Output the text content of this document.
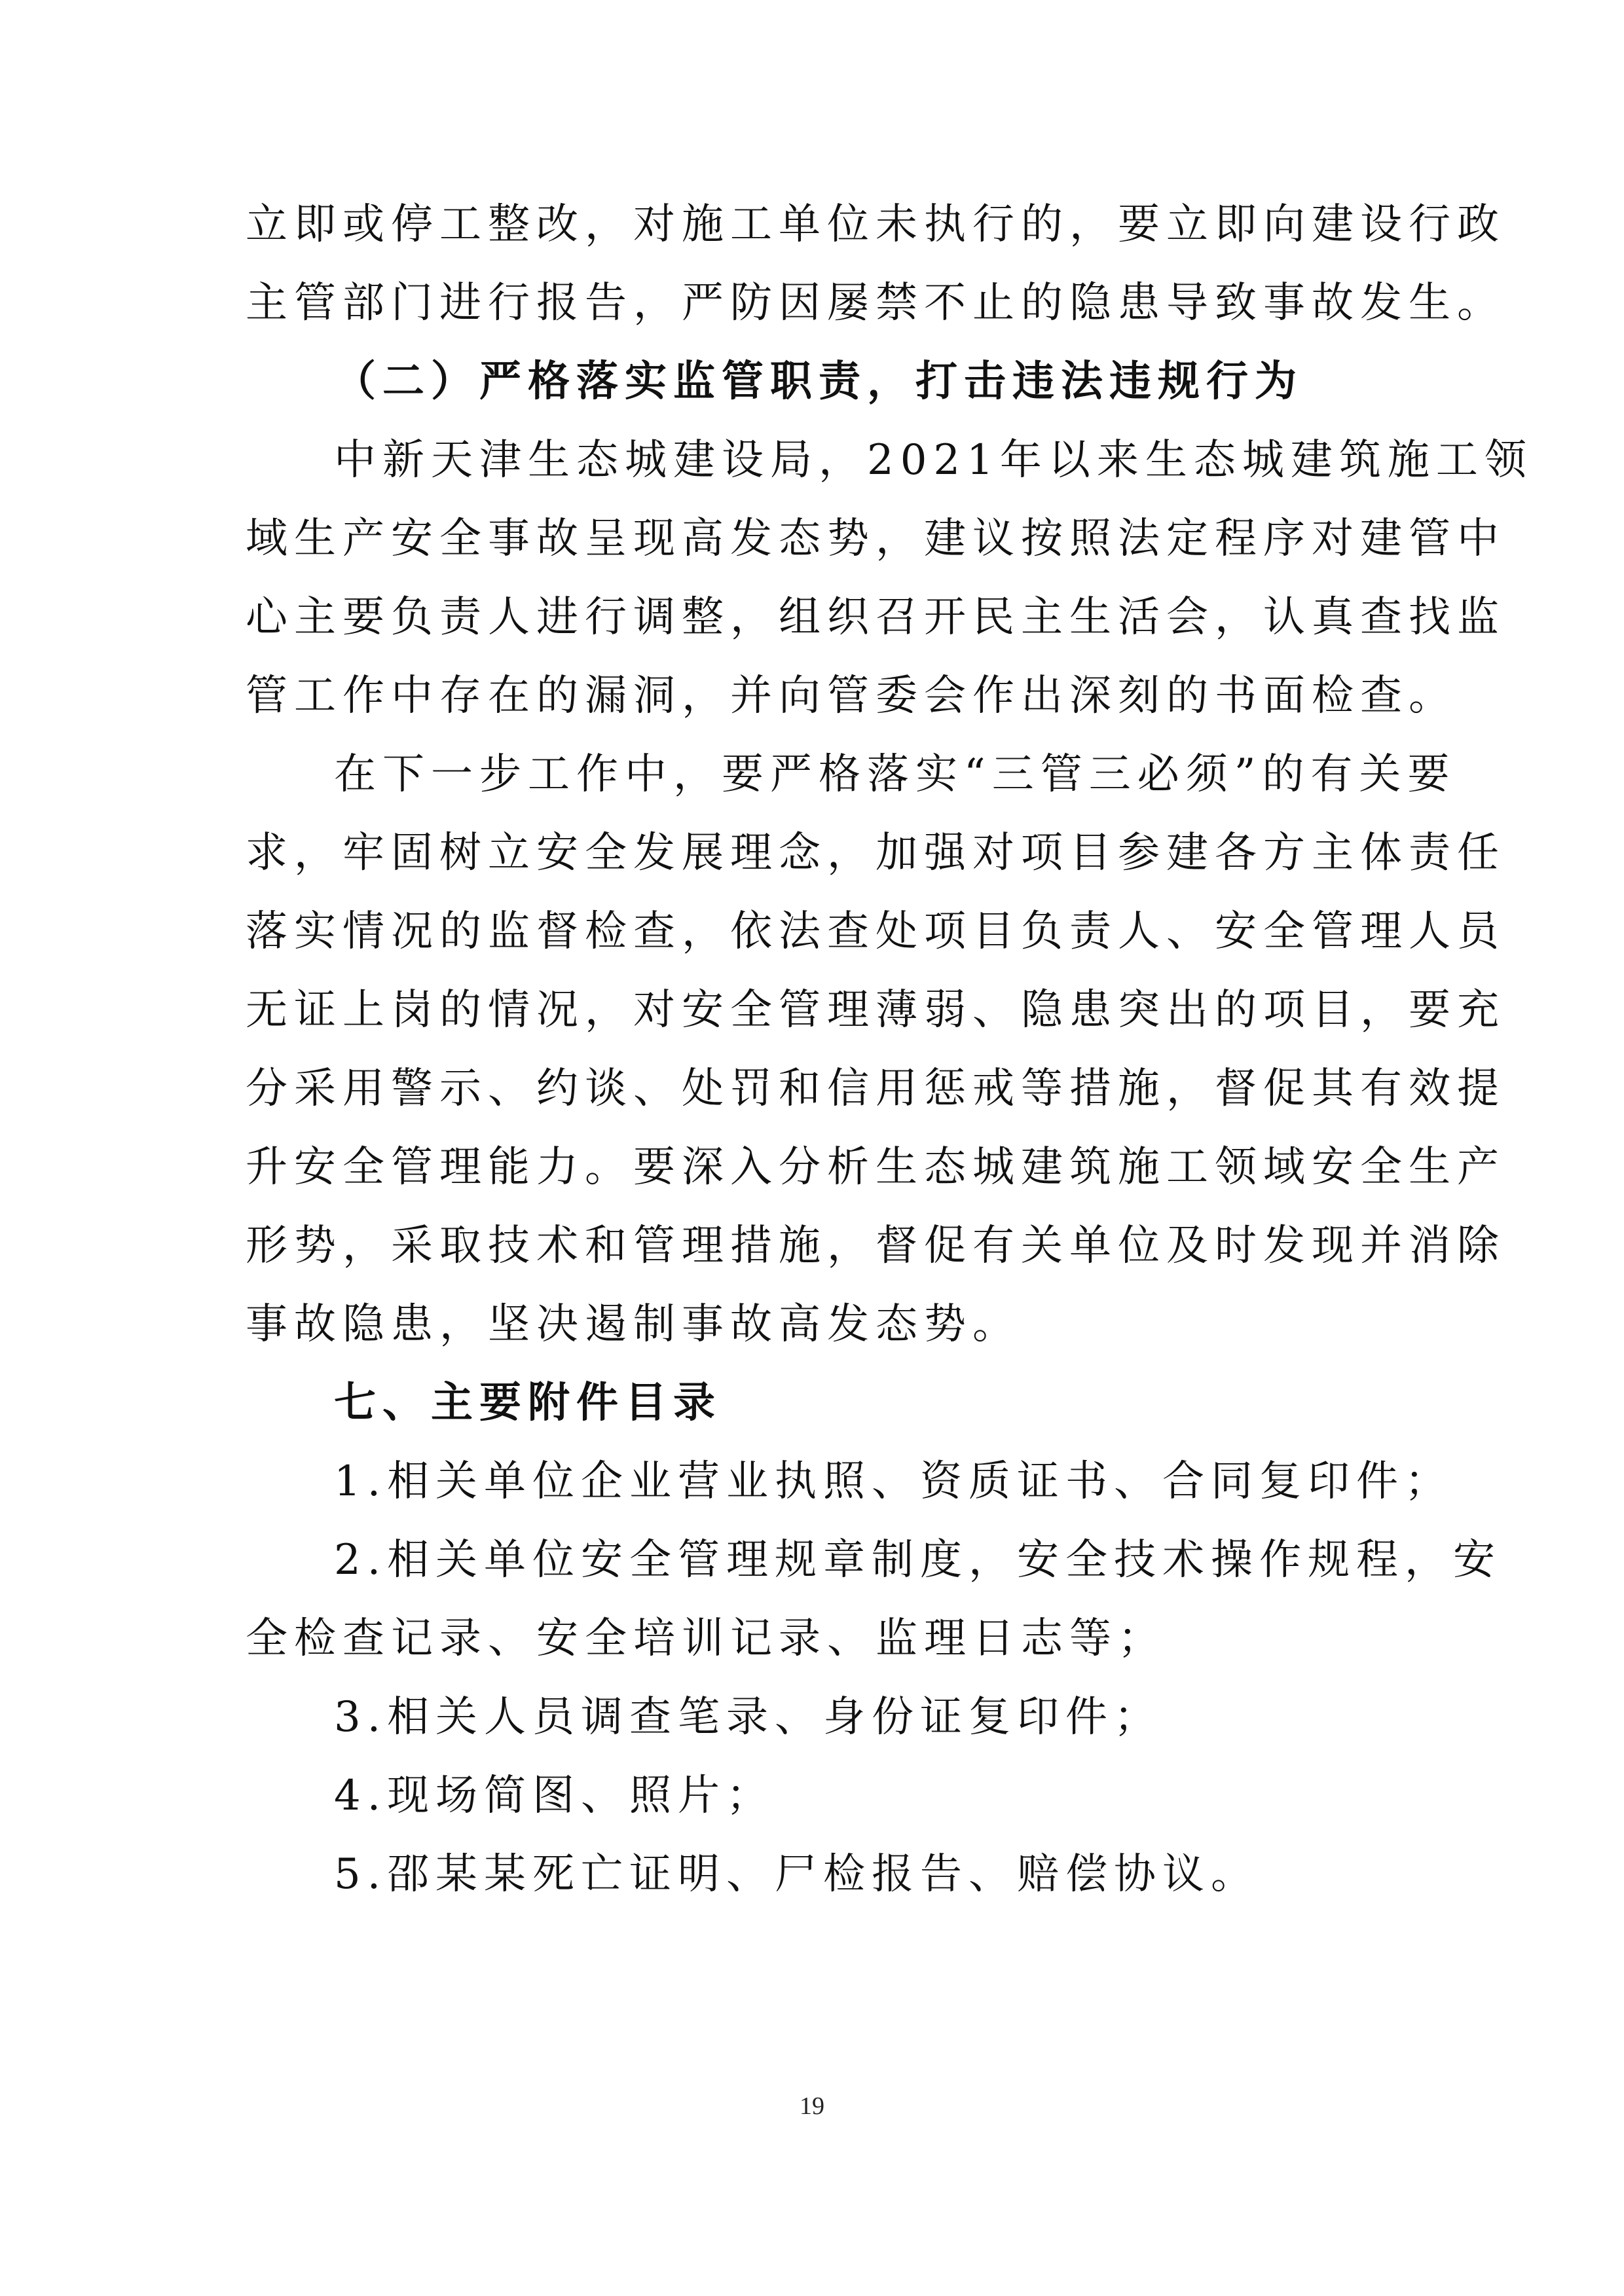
立即或停工整改，对施工单位未执行的，要立即向建设行政
主管部门进行报告，严防因屡禁不止的隐患导致事故发生。
（二）严格落实监管职责，打击违法违规行为
中新天津生态城建设局，2021年以来生态城建筑施工领
域生产安全事故呈现高发态势，建议按照法定程序对建管中
心主要负责人进行调整，组织召开民主生活会，认真查找监
管工作中存在的漏洞，并向管委会作出深刻的书面检查。
在下一步工作中，要严格落实“三管三必须”的有关要
求，牢固树立安全发展理念，加强对项目参建各方主体责任
落实情况的监督检查，依法查处项目负责人、安全管理人员
无证上岗的情况，对安全管理薄弱、隐患突出的项目，要充
分采用警示、约谈、处罚和信用惩戒等措施，督促其有效提
升安全管理能力。要深入分析生态城建筑施工领域安全生产
形势，采取技术和管理措施，督促有关单位及时发现并消除
事故隐患，坚决遏制事故高发态势。
七、主要附件目录
1.相关单位企业营业执照、资质证书、合同复印件；
2.相关单位安全管理规章制度，安全技术操作规程，安
全检查记录、安全培训记录、监理日志等；
3.相关人员调查笔录、身份证复印件；
4.现场简图、照片；
5.邵某某死亡证明、尸检报告、赔偿协议。
19
